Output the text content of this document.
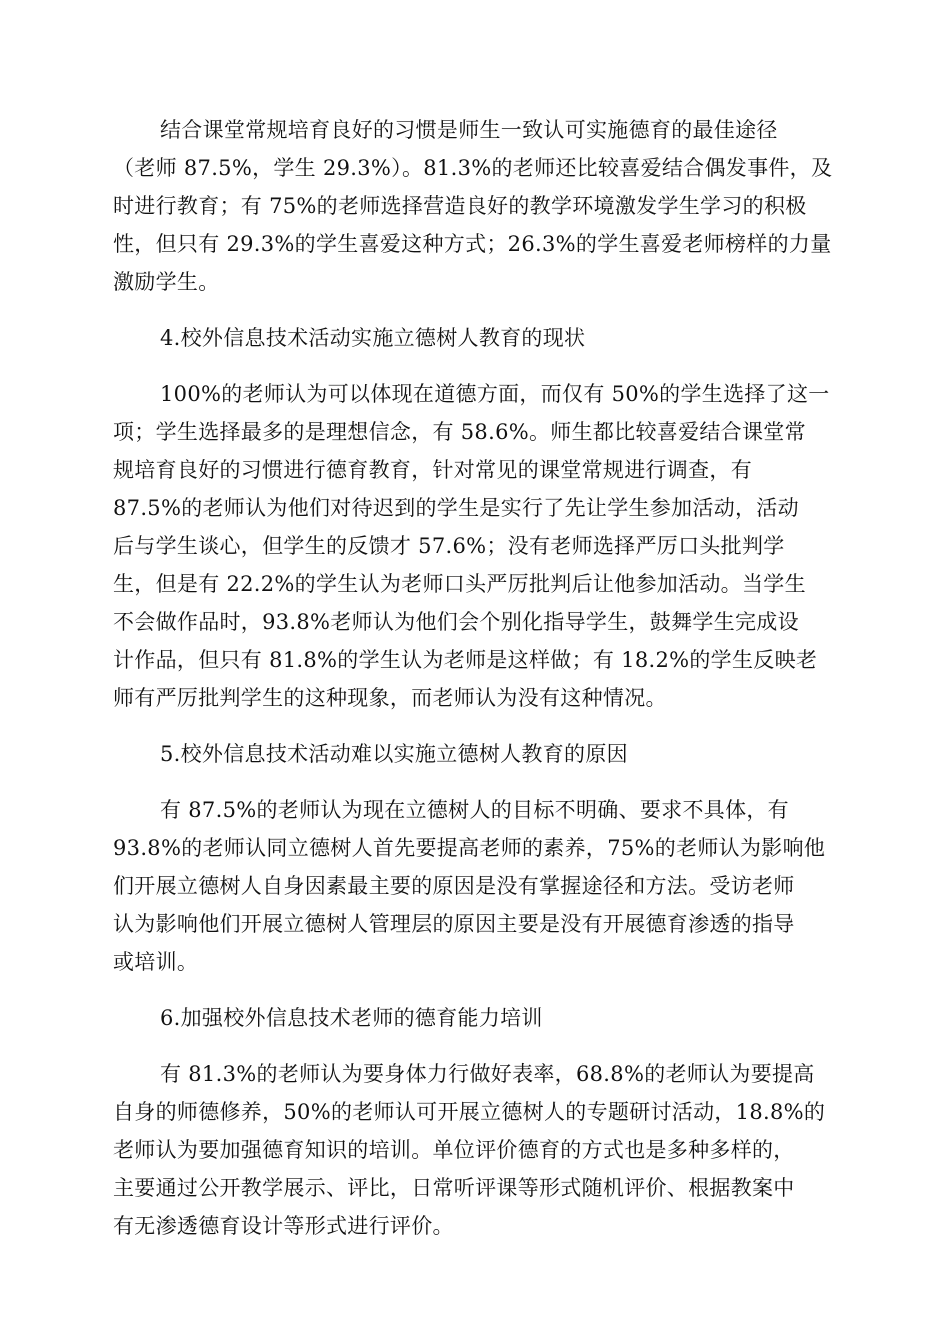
结合课堂常规培育良好的习惯是师生一致认可实施德育的最佳途径
（老师 87.5%，学生 29.3%）。81.3%的老师还比较喜爱结合偶发事件，及
时进行教育；有 75%的老师选择营造良好的教学环境激发学生学习的积极
性，但只有 29.3%的学生喜爱这种方式；26.3%的学生喜爱老师榜样的力量
激励学生。
4.校外信息技术活动实施立德树人教育的现状
100%的老师认为可以体现在道德方面，而仅有 50%的学生选择了这一
项；学生选择最多的是理想信念，有 58.6%。师生都比较喜爱结合课堂常
规培育良好的习惯进行德育教育，针对常见的课堂常规进行调查，有
87.5%的老师认为他们对待迟到的学生是实行了先让学生参加活动，活动
后与学生谈心，但学生的反馈才 57.6%；没有老师选择严厉口头批判学
生，但是有 22.2%的学生认为老师口头严厉批判后让他参加活动。当学生
不会做作品时，93.8%老师认为他们会个别化指导学生，鼓舞学生完成设
计作品，但只有 81.8%的学生认为老师是这样做；有 18.2%的学生反映老
师有严厉批判学生的这种现象，而老师认为没有这种情况。
5.校外信息技术活动难以实施立德树人教育的原因
有 87.5%的老师认为现在立德树人的目标不明确、要求不具体，有
93.8%的老师认同立德树人首先要提高老师的素养，75%的老师认为影响他
们开展立德树人自身因素最主要的原因是没有掌握途径和方法。受访老师
认为影响他们开展立德树人管理层的原因主要是没有开展德育渗透的指导
或培训。
6.加强校外信息技术老师的德育能力培训
有 81.3%的老师认为要身体力行做好表率，68.8%的老师认为要提高
自身的师德修养，50%的老师认可开展立德树人的专题研讨活动，18.8%的
老师认为要加强德育知识的培训。单位评价德育的方式也是多种多样的，
主要通过公开教学展示、评比，日常听评课等形式随机评价、根据教案中
有无渗透德育设计等形式进行评价。
